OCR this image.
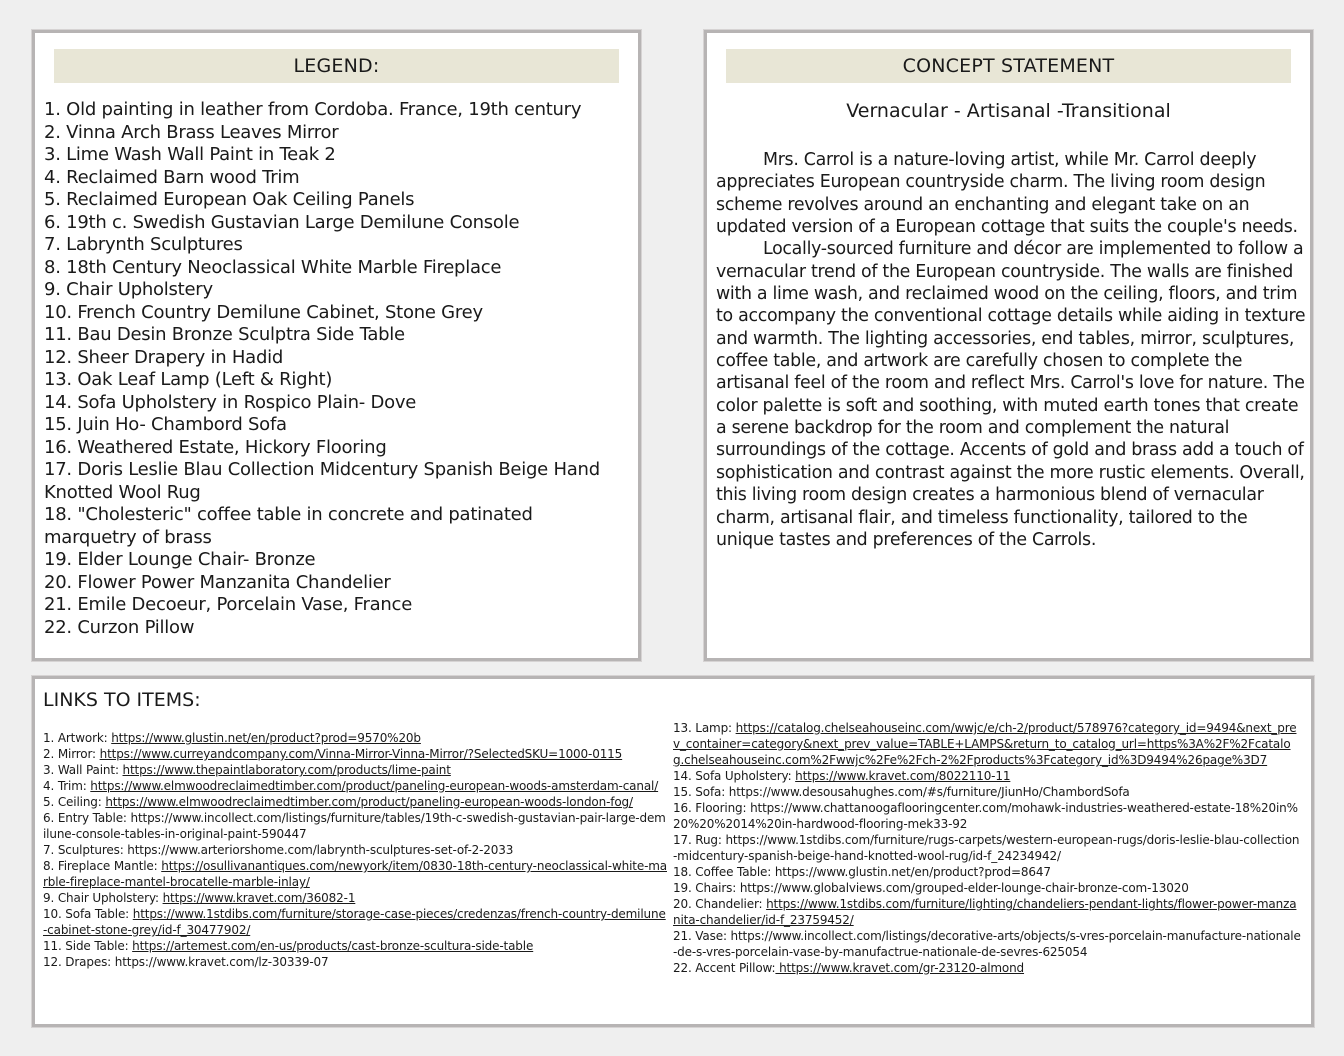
LEGEND:
1. Old painting in leather from Cordoba. France, 19th century
2. Vinna Arch Brass Leaves Mirror
3. Lime Wash Wall Paint in Teak 2
4. Reclaimed Barn wood Trim
5. Reclaimed European Oak Ceiling Panels
6. 19th c. Swedish Gustavian Large Demilune Console
7. Labrynth Sculptures
8. 18th Century Neoclassical White Marble Fireplace
9. Chair Upholstery
10. French Country Demilune Cabinet, Stone Grey
11. Bau Desin Bronze Sculptra Side Table
12. Sheer Drapery in Hadid
13. Oak Leaf Lamp (Left & Right)
14. Sofa Upholstery in Rospico Plain- Dove
15. Juin Ho- Chambord Sofa
16. Weathered Estate, Hickory Flooring
17. Doris Leslie Blau Collection Midcentury Spanish Beige Hand Knotted Wool Rug
18. "Cholesteric" coffee table in concrete and patinated marquetry of brass
19. Elder Lounge Chair- Bronze
20. Flower Power Manzanita Chandelier
21. Emile Decoeur, Porcelain Vase, France
22. Curzon Pillow
CONCEPT STATEMENT
Vernacular - Artisanal -Transitional

Mrs. Carrol is a nature-loving artist, while Mr. Carrol deeply appreciates European countryside charm. The living room design scheme revolves around an enchanting and elegant take on an updated version of a European cottage that suits the couple's needs.

Locally-sourced furniture and décor are implemented to follow a vernacular trend of the European countryside. The walls are finished with a lime wash, and reclaimed wood on the ceiling, floors, and trim to accompany the conventional cottage details while aiding in texture and warmth. The lighting accessories, end tables, mirror, sculptures, coffee table, and artwork are carefully chosen to complete the artisanal feel of the room and reflect Mrs. Carrol's love for nature. The color palette is soft and soothing, with muted earth tones that create a serene backdrop for the room and complement the natural surroundings of the cottage. Accents of gold and brass add a touch of sophistication and contrast against the more rustic elements. Overall, this living room design creates a harmonious blend of vernacular charm, artisanal flair, and timeless functionality, tailored to the unique tastes and preferences of the Carrols.

LINKS TO ITEMS:
1. Artwork: https://www.glustin.net/en/product?prod=9570%20b
2. Mirror: https://www.curreyandcompany.com/Vinna-Mirror-Vinna-Mirror/?SelectedSKU=1000-0115
3. Wall Paint: https://www.thepaintlaboratory.com/products/lime-paint
4. Trim: https://www.elmwoodreclaimedtimber.com/product/paneling-european-woods-amsterdam-canal/
5. Ceiling: https://www.elmwoodreclaimedtimber.com/product/paneling-european-woods-london-fog/
6. Entry Table: https://www.incollect.com/listings/furniture/tables/19th-c-swedish-gustavian-pair-large-demilune-console-tables-in-original-paint-590447
7. Sculptures: https://www.arteriorshome.com/labrynth-sculptures-set-of-2-2033
8. Fireplace Mantle: https://osullivanantiques.com/newyork/item/0830-18th-century-neoclassical-white-marble-fireplace-mantel-brocatelle-marble-inlay/
9. Chair Upholstery: https://www.kravet.com/36082-1
10. Sofa Table: https://www.1stdibs.com/furniture/storage-case-pieces/credenzas/french-country-demilune-cabinet-stone-grey/id-f_30477902/
11. Side Table: https://artemest.com/en-us/products/cast-bronze-scultura-side-table
12. Drapes: https://www.kravet.com/lz-30339-07
13. Lamp: https://catalog.chelseahouseinc.com/wwjc/e/ch-2/product/578976?category_id=9494&next_prev_container=category&next_prev_value=TABLE+LAMPS&return_to_catalog_url=https%3A%2F%2Fcatalog.chelseahouseinc.com%2Fwwjc%2Fe%2Fch-2%2Fproducts%3Fcategory_id%3D9494%26page%3D7
14. Sofa Upholstery: https://www.kravet.com/8022110-11
15. Sofa: https://www.desousahughes.com/#s/furniture/JiunHo/ChambordSofa
16. Flooring: https://www.chattanoogaflooringcenter.com/mohawk-industries-weathered-estate-18%20in%20%20%2014%20in-hardwood-flooring-mek33-92
17. Rug: https://www.1stdibs.com/furniture/rugs-carpets/western-european-rugs/doris-leslie-blau-collection-midcentury-spanish-beige-hand-knotted-wool-rug/id-f_24234942/
18. Coffee Table: https://www.glustin.net/en/product?prod=8647
19. Chairs: https://www.globalviews.com/grouped-elder-lounge-chair-bronze-com-13020
20. Chandelier: https://www.1stdibs.com/furniture/lighting/chandeliers-pendant-lights/flower-power-manzanita-chandelier/id-f_23759452/
21. Vase: https://www.incollect.com/listings/decorative-arts/objects/s-vres-porcelain-manufacture-nationale-de-s-vres-porcelain-vase-by-manufactrue-nationale-de-sevres-625054
22. Accent Pillow: https://www.kravet.com/gr-23120-almond
